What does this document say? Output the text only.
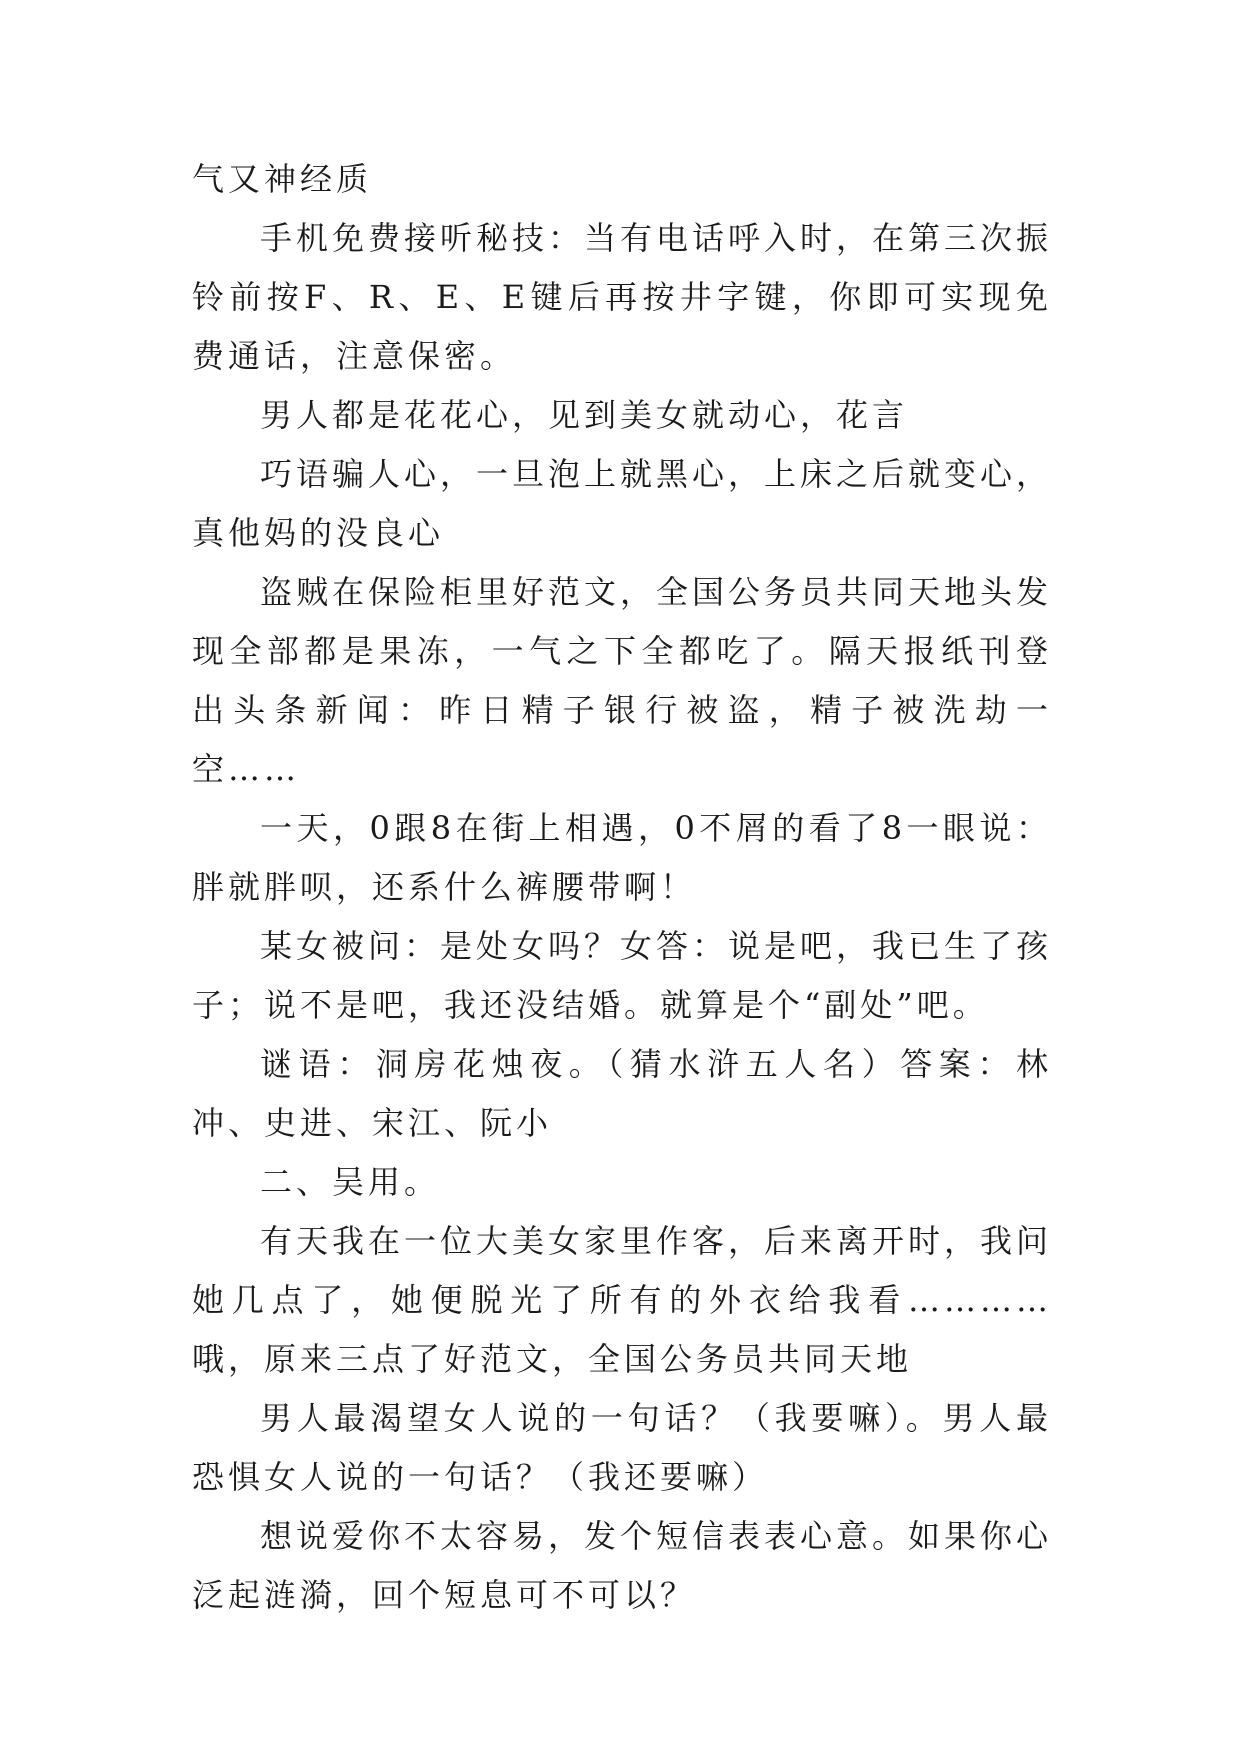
气又神经质

手机免费接听秘技：当有电话呼入时，在第三次振铃前按F、R、E、E键后再按井字键，你即可实现免费通话，注意保密。

男人都是花花心，见到美女就动心，花言

巧语骗人心，一旦泡上就黑心，上床之后就变心，真他妈的没良心

盗贼在保险柜里好范文，全国公务员共同天地头发现全部都是果冻，一气之下全都吃了。隔天报纸刊登出头条新闻：昨日精子银行被盗，精子被洗劫一空……

一天，0跟8在街上相遇，0不屑的看了8一眼说：胖就胖呗，还系什么裤腰带啊！

某女被问：是处女吗？女答：说是吧，我已生了孩子；说不是吧，我还没结婚。就算是个“副处”吧。

谜语：洞房花烛夜。（猜水浒五人名）答案：林冲、史进、宋江、阮小

二、吴用。

有天我在一位大美女家里作客，后来离开时，我问她几点了，她便脱光了所有的外衣给我看…………哦，原来三点了好范文，全国公务员共同天地

男人最渴望女人说的一句话？（我要嘛）。男人最恐惧女人说的一句话？（我还要嘛）

想说爱你不太容易，发个短信表表心意。如果你心泛起涟漪，回个短息可不可以？
